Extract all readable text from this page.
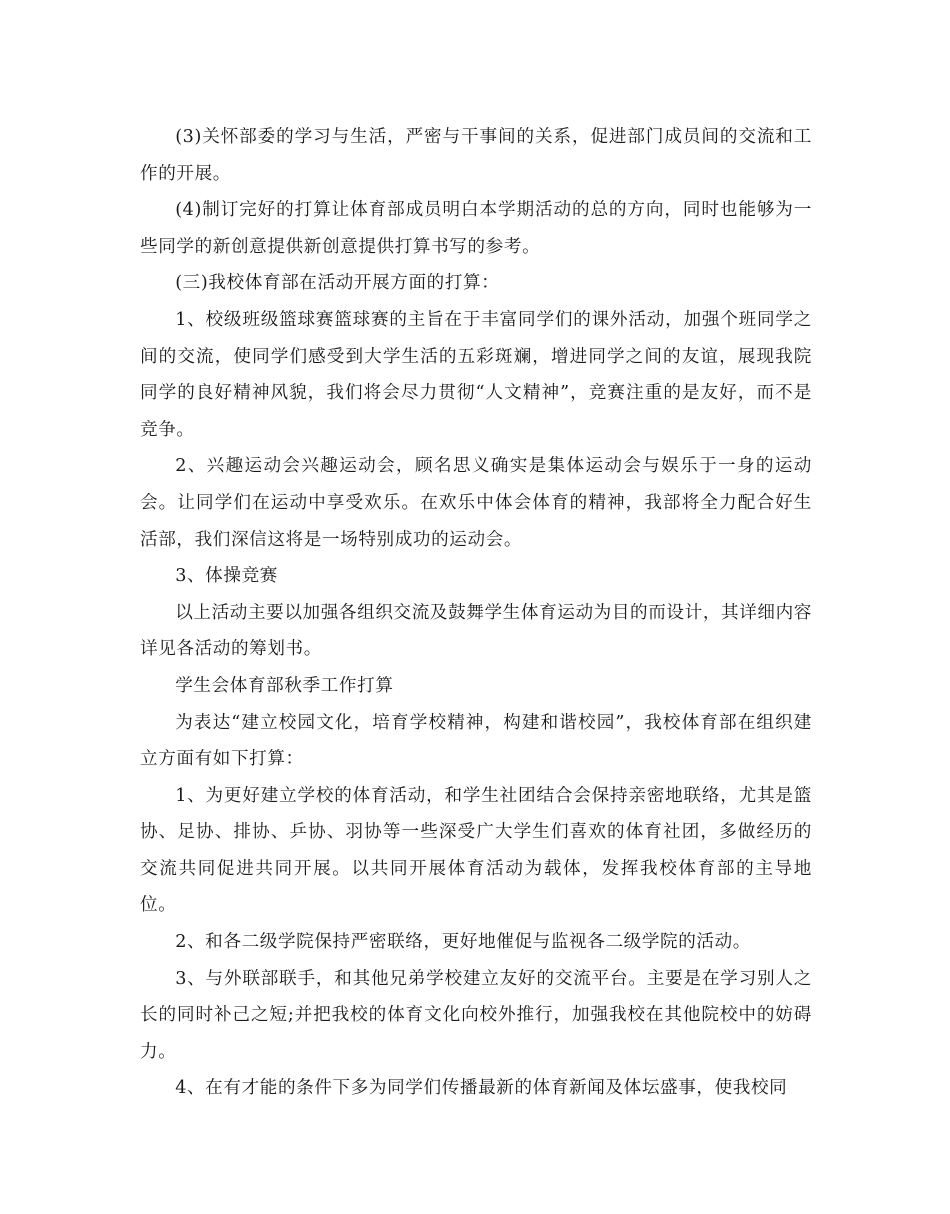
(3)关怀部委的学习与生活，严密与干事间的关系，促进部门成员间的交流和工作的开展。

(4)制订完好的打算让体育部成员明白本学期活动的总的方向，同时也能够为一些同学的新创意提供新创意提供打算书写的参考。

(三)我校体育部在活动开展方面的打算：

1、校级班级篮球赛篮球赛的主旨在于丰富同学们的课外活动，加强个班同学之间的交流，使同学们感受到大学生活的五彩斑斓，增进同学之间的友谊，展现我院同学的良好精神风貌，我们将会尽力贯彻“人文精神”，竞赛注重的是友好，而不是竞争。

2、兴趣运动会兴趣运动会，顾名思义确实是集体运动会与娱乐于一身的运动会。让同学们在运动中享受欢乐。在欢乐中体会体育的精神，我部将全力配合好生活部，我们深信这将是一场特别成功的运动会。

3、体操竞赛

以上活动主要以加强各组织交流及鼓舞学生体育运动为目的而设计，其详细内容详见各活动的筹划书。

学生会体育部秋季工作打算

为表达“建立校园文化，培育学校精神，构建和谐校园”，我校体育部在组织建立方面有如下打算：

1、为更好建立学校的体育活动，和学生社团结合会保持亲密地联络，尤其是篮协、足协、排协、乒协、羽协等一些深受广大学生们喜欢的体育社团，多做经历的交流共同促进共同开展。以共同开展体育活动为载体，发挥我校体育部的主导地位。

2、和各二级学院保持严密联络，更好地催促与监视各二级学院的活动。

3、与外联部联手，和其他兄弟学校建立友好的交流平台。主要是在学习别人之长的同时补己之短;并把我校的体育文化向校外推行，加强我校在其他院校中的妨碍力。

4、在有才能的条件下多为同学们传播最新的体育新闻及体坛盛事，使我校同
